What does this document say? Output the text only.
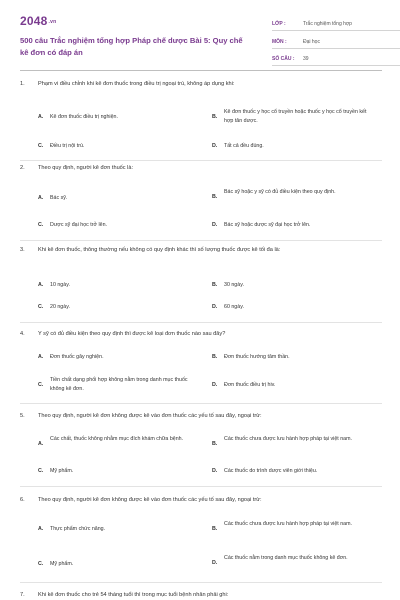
2048.vn
500 câu Trắc nghiệm tổng hợp Pháp chế dược Bài 5: Quy chế kê đơn có đáp án
LỚP :	Trắc nghiệm tổng hợp
MÔN :	Đại học
SỐ CÂU : 39
1. Phạm vi điều chỉnh khi kê đơn thuốc trong điều trị ngoại trú, không áp dụng khi:
A. Kê đơn thuốc điều trị nghiện.	B.
Kê đơn thuốc y học cổ truyền hoặc thuốc y học cổ truyền kết hợp tân dược.
C. Điều trị nội trú.	D. Tất cả đều đúng.
2. Theo quy định, người kê đơn thuốc là:
A. Bác sỹ.	B.
Bác sỹ hoặc y sỹ có đủ điều kiện theo quy định.
C. Dược sỹ đại học trở lên.	D. Bác sỹ hoặc dược sỹ đại học trở lên.
3. Khi kê đơn thuốc, thông thường nếu không có quy định khác thì số lượng thuốc được kê tối đa là:
A. 10 ngày.	B. 30 ngày.
C. 20 ngày.	D. 60 ngày.
4. Y sỹ có đủ điều kiện theo quy định thì được kê loại đơn thuốc nào sau đây?
A. Đơn thuốc gây nghiện.	B. Đơn thuốc hướng tâm thần.
C.
Tiền chất dạng phối hợp không nằm trong danh mục thuốc không kê đơn.
D. Đơn thuốc điều trị hiv.
5. Theo quy định, người kê đơn không được kê vào đơn thuốc các yếu tố sau đây, ngoại trừ:
A.
Các chất, thuốc không nhằm mục đích khám chữa bệnh.
B.
Các thuốc chưa được lưu hành hợp pháp tại việt nam.
C. Mỹ phẩm.	D. Các thuốc do trình dược viên giới thiệu.
6. Theo quy định, người kê đơn không được kê vào đơn thuốc các yếu tố sau đây, ngoại trừ:
A. Thực phẩm chức năng.	B.
Các thuốc chưa được lưu hành hợp pháp tại việt nam.
C. Mỹ phẩm.	D.
Các thuốc nằm trong danh mục thuốc không kê đơn.
7. Khi kê đơn thuốc cho trẻ 54 tháng tuổi thì trong mục tuổi bệnh nhân phải ghi:
